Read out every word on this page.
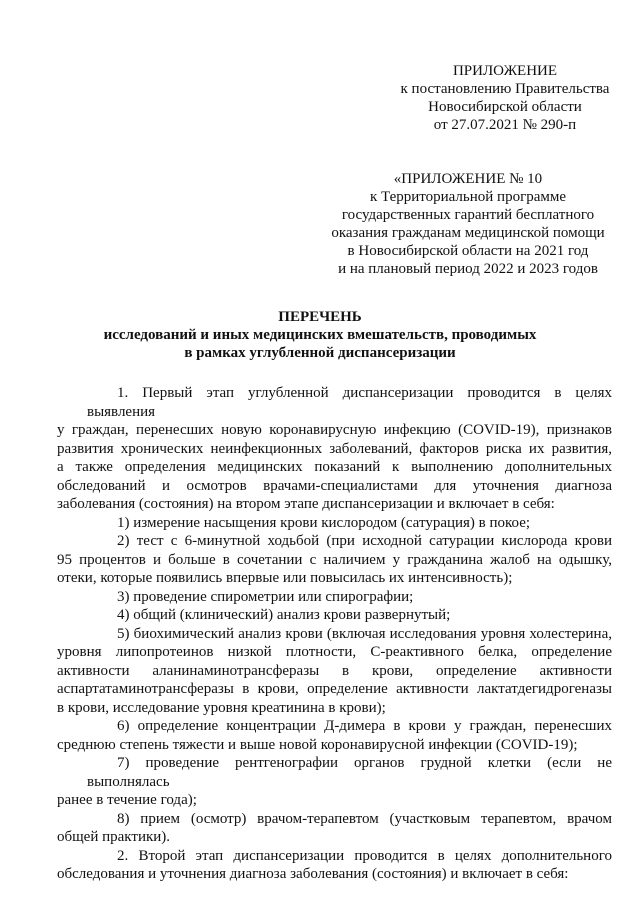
ПРИЛОЖЕНИЕ
к постановлению Правительства
Новосибирской области
от 27.07.2021 № 290-п
«ПРИЛОЖЕНИЕ № 10
к Территориальной программе
государственных гарантий бесплатного
оказания гражданам медицинской помощи
в Новосибирской области на 2021 год
и на плановый период 2022 и 2023 годов
ПЕРЕЧЕНЬ
исследований и иных медицинских вмешательств, проводимых
в рамках углубленной диспансеризации

1. Первый этап углубленной диспансеризации проводится в целях выявления
у граждан, перенесших новую коронавирусную инфекцию (COVID-19), признаков
развития хронических неинфекционных заболеваний, факторов риска их развития,
а также определения медицинских показаний к выполнению дополнительных
обследований и осмотров врачами-специалистами для уточнения диагноза
заболевания (состояния) на втором этапе диспансеризации и включает в себя:

1) измерение насыщения крови кислородом (сатурация) в покое;

2) тест с 6-минутной ходьбой (при исходной сатурации кислорода крови
95 процентов и больше в сочетании с наличием у гражданина жалоб на одышку,
отеки, которые появились впервые или повысилась их интенсивность);

3) проведение спирометрии или спирографии;

4) общий (клинический) анализ крови развернутый;

5) биохимический анализ крови (включая исследования уровня холестерина,
уровня липопротеинов низкой плотности, С-реактивного белка, определение
активности аланинаминотрансферазы в крови, определение активности
аспартатаминотрансферазы в крови, определение активности лактатдегидрогеназы
в крови, исследование уровня креатинина в крови);

6) определение концентрации Д-димера в крови у граждан, перенесших
среднюю степень тяжести и выше новой коронавирусной инфекции (COVID-19);

7) проведение рентгенографии органов грудной клетки (если не выполнялась
ранее в течение года);

8) прием (осмотр) врачом-терапевтом (участковым терапевтом, врачом
общей практики).

2. Второй этап диспансеризации проводится в целях дополнительного
обследования и уточнения диагноза заболевания (состояния) и включает в себя:
